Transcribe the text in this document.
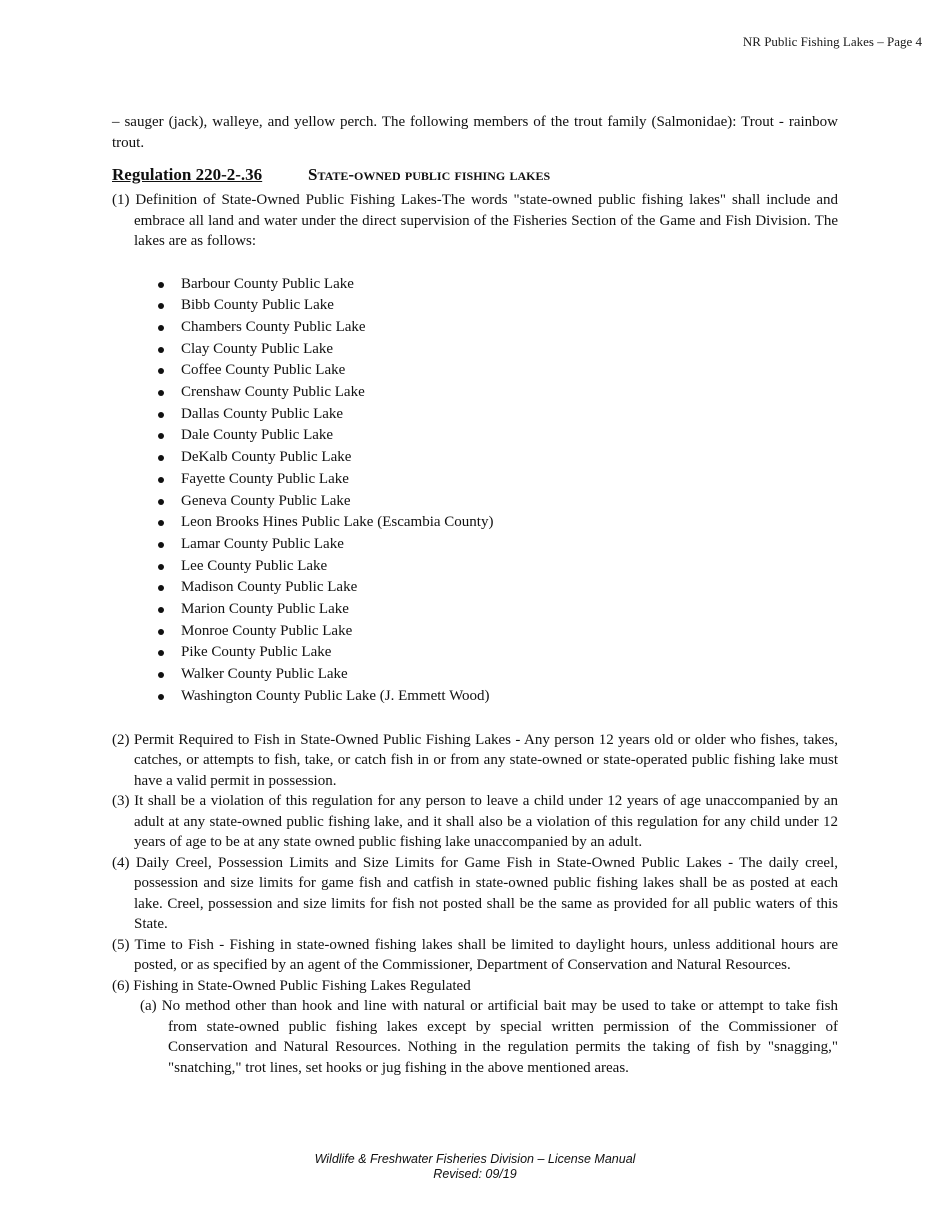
NR Public Fishing Lakes – Page 4

– sauger (jack), walleye, and yellow perch. The following members of the trout family (Salmonidae): Trout - rainbow trout.

Regulation 220-2-.36	State-owned public fishing lakes

(1) Definition of State-Owned Public Fishing Lakes-The words "state-owned public fishing lakes" shall include and embrace all land and water under the direct supervision of the Fisheries Section of the Game and Fish Division. The lakes are as follows:

Barbour County Public Lake
Bibb County Public Lake
Chambers County Public Lake
Clay County Public Lake
Coffee County Public Lake
Crenshaw County Public Lake
Dallas County Public Lake
Dale County Public Lake
DeKalb County Public Lake
Fayette County Public Lake
Geneva County Public Lake
Leon Brooks Hines Public Lake (Escambia County)
Lamar County Public Lake
Lee County Public Lake
Madison County Public Lake
Marion County Public Lake
Monroe County Public Lake
Pike County Public Lake
Walker County Public Lake
Washington County Public Lake (J. Emmett Wood)

(2) Permit Required to Fish in State-Owned Public Fishing Lakes - Any person 12 years old or older who fishes, takes, catches, or attempts to fish, take, or catch fish in or from any state-owned or state-operated public fishing lake must have a valid permit in possession.

(3) It shall be a violation of this regulation for any person to leave a child under 12 years of age unaccompanied by an adult at any state-owned public fishing lake, and it shall also be a violation of this regulation for any child under 12 years of age to be at any state owned public fishing lake unaccompanied by an adult.

(4) Daily Creel, Possession Limits and Size Limits for Game Fish in State-Owned Public Lakes - The daily creel, possession and size limits for game fish and catfish in state-owned public fishing lakes shall be as posted at each lake. Creel, possession and size limits for fish not posted shall be the same as provided for all public waters of this State.

(5) Time to Fish - Fishing in state-owned fishing lakes shall be limited to daylight hours, unless additional hours are posted, or as specified by an agent of the Commissioner, Department of Conservation and Natural Resources.

(6) Fishing in State-Owned Public Fishing Lakes Regulated

(a) No method other than hook and line with natural or artificial bait may be used to take or attempt to take fish from state-owned public fishing lakes except by special written permission of the Commissioner of Conservation and Natural Resources. Nothing in the regulation permits the taking of fish by "snagging," "snatching," trot lines, set hooks or jug fishing in the above mentioned areas.

Wildlife & Freshwater Fisheries Division – License Manual
Revised: 09/19
